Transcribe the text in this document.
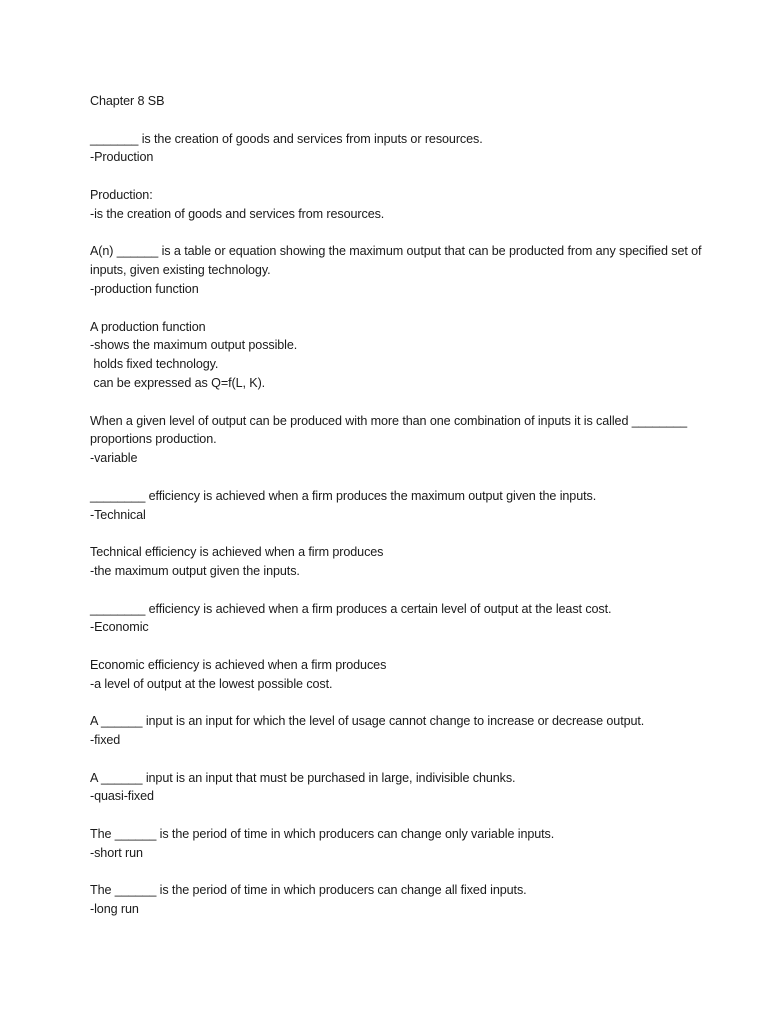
Chapter 8 SB
_______ is the creation of goods and services from inputs or resources.
-Production
Production:
-is the creation of goods and services from resources.
A(n) ______ is a table or equation showing the maximum output that can be producted from any specified set of inputs, given existing technology.
-production function
A production function
-shows the maximum output possible.
holds fixed technology.
can be expressed as Q=f(L, K).
When a given level of output can be produced with more than one combination of inputs it is called ________ proportions production.
-variable
________ efficiency is achieved when a firm produces the maximum output given the inputs.
-Technical
Technical efficiency is achieved when a firm produces
-the maximum output given the inputs.
________ efficiency is achieved when a firm produces a certain level of output at the least cost.
-Economic
Economic efficiency is achieved when a firm produces
-a level of output at the lowest possible cost.
A ______ input is an input for which the level of usage cannot change to increase or decrease output.
-fixed
A ______ input is an input that must be purchased in large, indivisible chunks.
-quasi-fixed
The ______ is the period of time in which producers can change only variable inputs.
-short run
The ______ is the period of time in which producers can change all fixed inputs.
-long run
